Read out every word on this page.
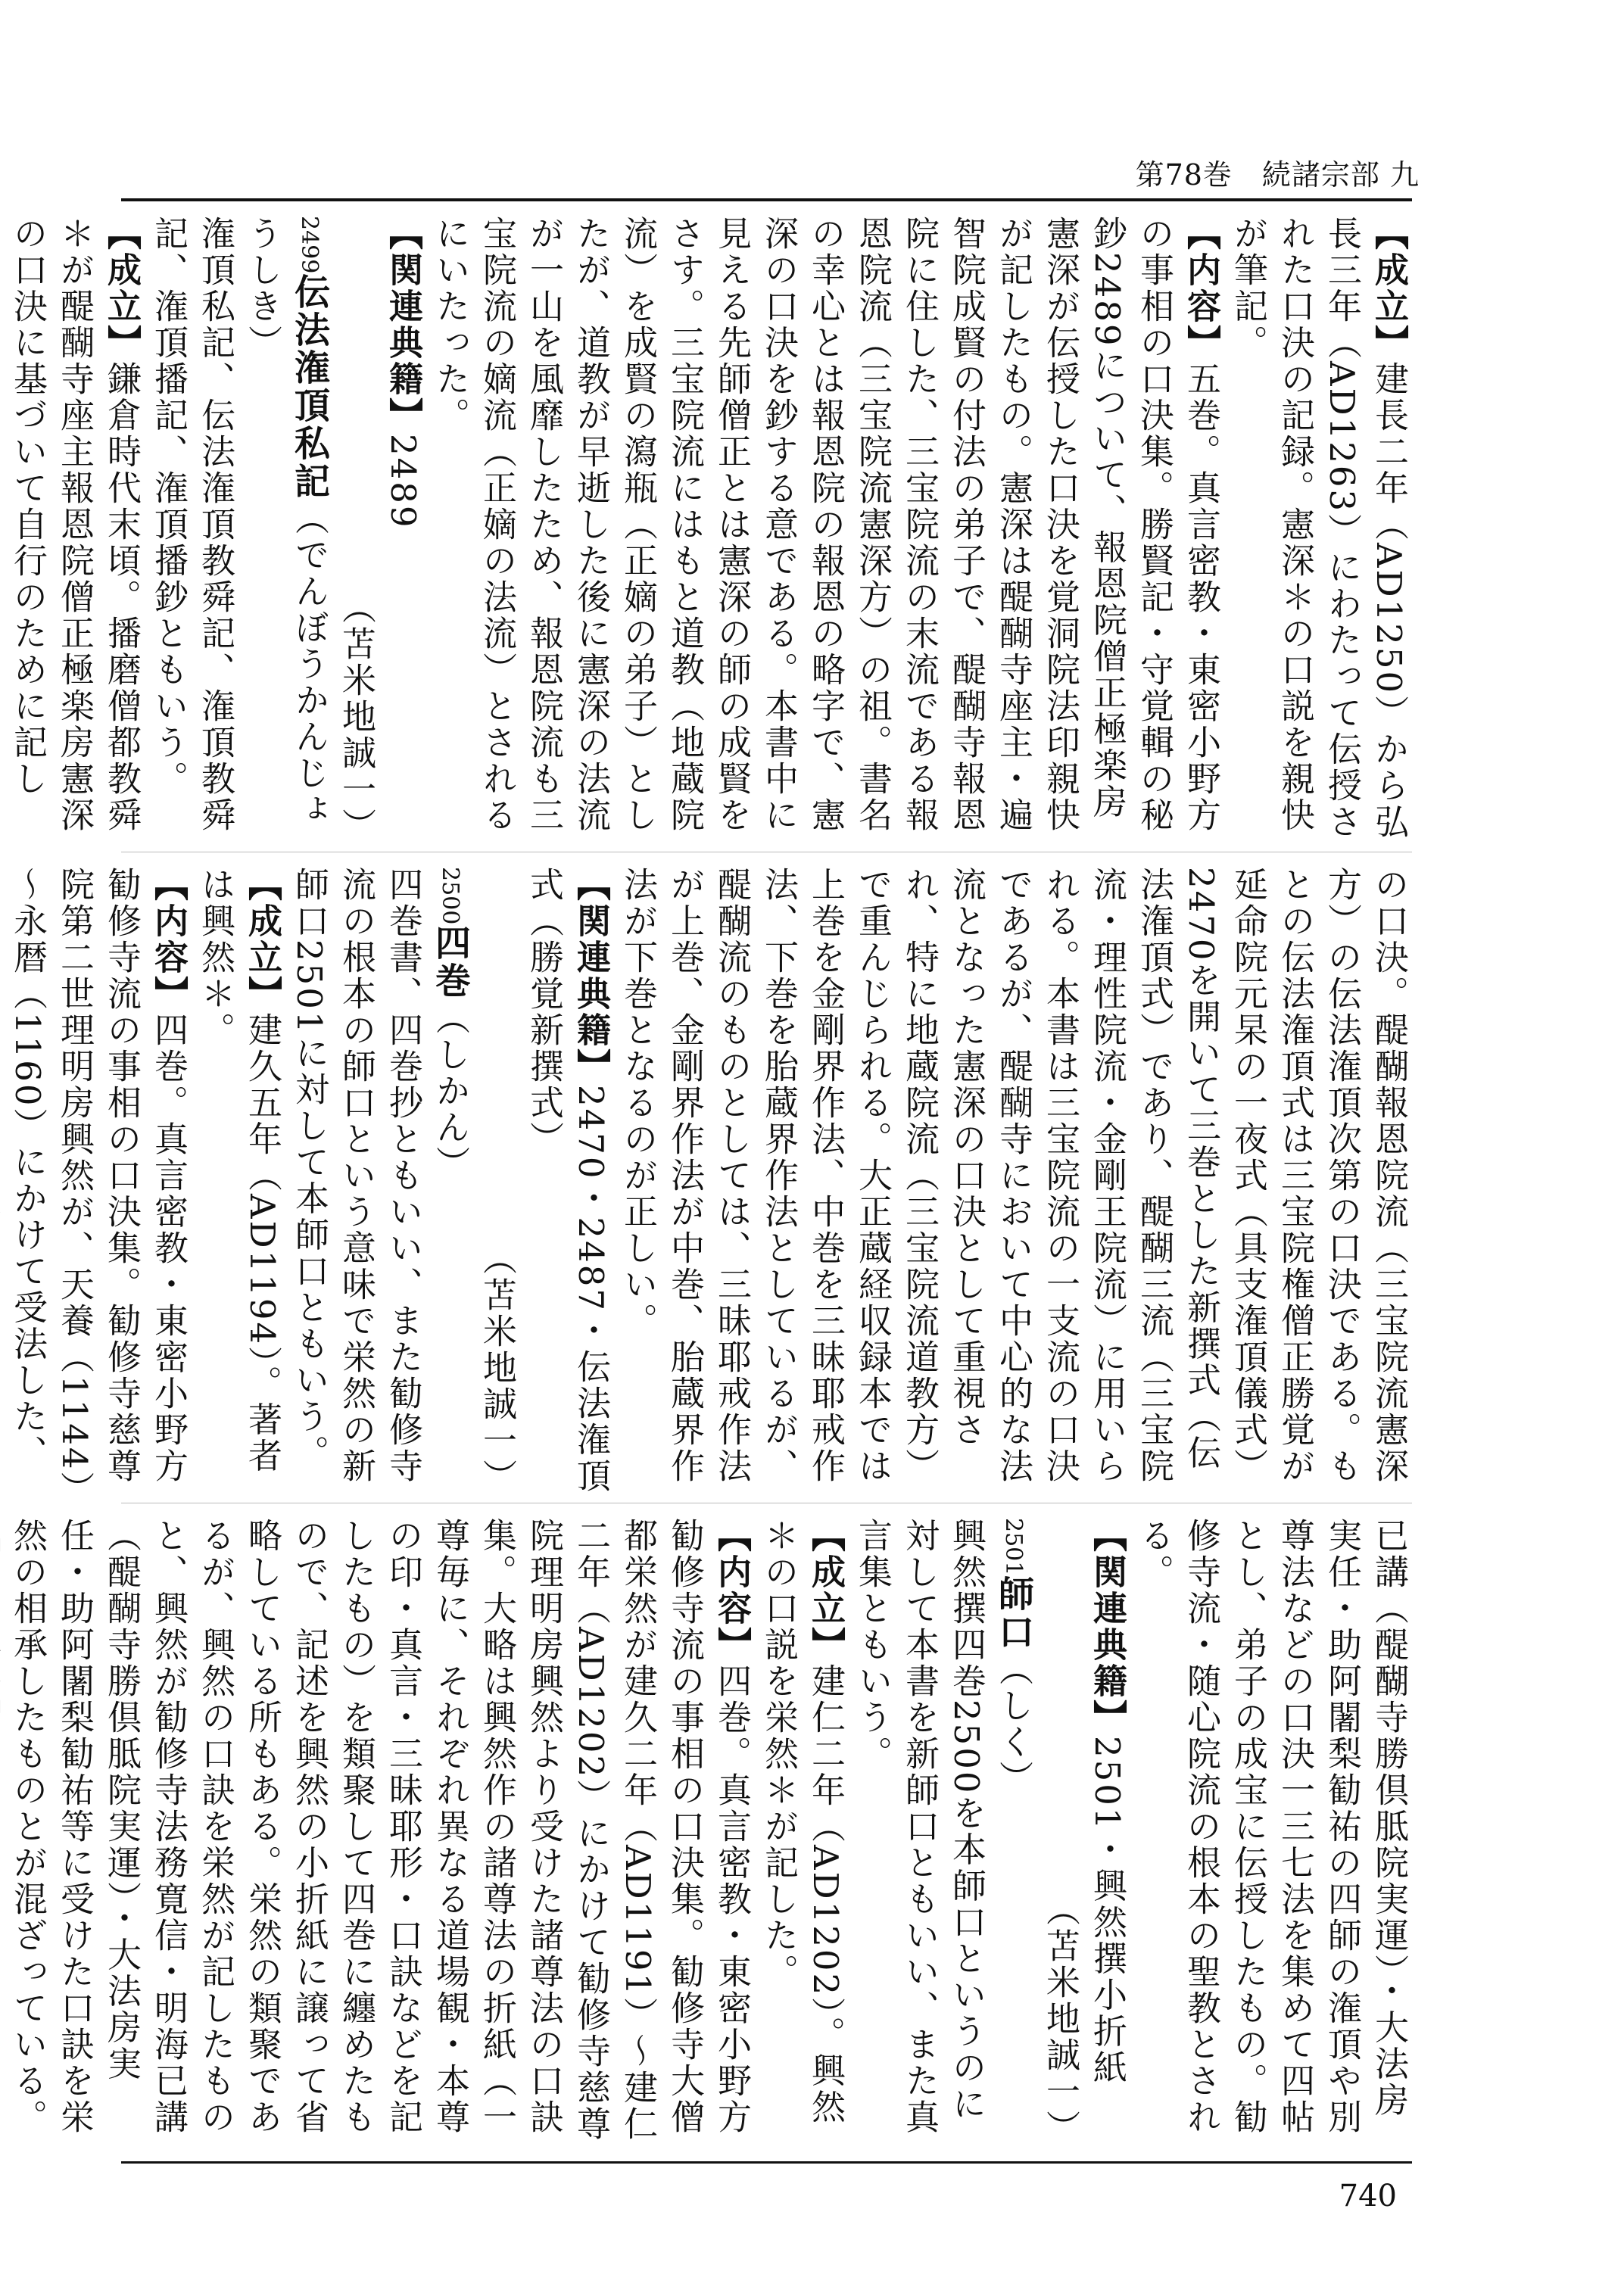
第78巻　続諸宗部 九
【成立】建長二年（AD1250）から弘長三年（AD1263）にわたって伝授された口決の記録。憲深＊の口説を親快が筆記。
【内容】五巻。真言密教・東密小野方の事相の口決集。勝賢記・守覚輯の秘鈔2489について、報恩院僧正極楽房憲深が伝授した口決を覚洞院法印親快が記したもの。憲深は醍醐寺座主・遍智院成賢の付法の弟子で、醍醐寺報恩院に住した、三宝院流の末流である報恩院流（三宝院流憲深方）の祖。書名の幸心とは報恩院の報恩の略字で、憲深の口決を鈔する意である。本書中に見える先師僧正とは憲深の師の成賢をさす。三宝院流にはもと道教（地蔵院流）を成賢の瀉瓶（正嫡の弟子）としたが、道教が早逝した後に憲深の法流が一山を風靡したため、報恩院流も三宝院流の嫡流（正嫡の法流）とされるにいたった。
【関連典籍】2489
（苫米地誠一）
2499伝法潅頂私記（でんぼうかんじょうしき）
潅頂私記、伝法潅頂教舜記、潅頂教舜記、潅頂播記、潅頂播鈔ともいう。
【成立】鎌倉時代末頃。播磨僧都教舜＊が醍醐寺座主報恩院僧正極楽房憲深の口決に基づいて自行のために記し
の口決。醍醐報恩院流（三宝院流憲深方）の伝法潅頂次第の口決である。もとの伝法潅頂式は三宝院権僧正勝覚が延命院元杲の一夜式（具支潅頂儀式）2470を開いて三巻とした新撰式（伝法潅頂式）であり、醍醐三流（三宝院流・理性院流・金剛王院流）に用いられる。本書は三宝院流の一支流の口決であるが、醍醐寺において中心的な法流となった憲深の口決として重視され、特に地蔵院流（三宝院流道教方）で重んじられる。大正蔵経収録本では上巻を金剛界作法、中巻を三昧耶戒作法、下巻を胎蔵界作法としているが、醍醐流のものとしては、三昧耶戒作法が上巻、金剛界作法が中巻、胎蔵界作法が下巻となるのが正しい。
【関連典籍】2470・2487・伝法潅頂式（勝覚新撰式）
（苫米地誠一）
2500四巻（しかん）
四巻書、四巻抄ともいい、また勧修寺流の根本の師口という意味で栄然の新師口2501に対して本師口ともいう。
【成立】建久五年（AD1194）。著者は興然＊。
【内容】四巻。真言密教・東密小野方勧修寺流の事相の口決集。勧修寺慈尊院第二世理明房興然が、天養（1144）～永暦（1160）にかけて受法した、
已講（醍醐寺勝倶胝院実運）・大法房実任・助阿闍梨勧祐の四師の潅頂や別尊法などの口決一三七法を集めて四帖とし、弟子の成宝に伝授したもの。勧修寺流・随心院流の根本の聖教とされる。
【関連典籍】2501・興然撰小折紙
（苫米地誠一）
2501師口（しく）
興然撰四巻2500を本師口というのに対して本書を新師口ともいい、また真言集ともいう。
【成立】建仁二年（AD1202）。興然＊の口説を栄然＊が記した。
【内容】四巻。真言密教・東密小野方勧修寺流の事相の口決集。勧修寺大僧都栄然が建久二年（AD1191）～建仁二年（AD1202）にかけて勧修寺慈尊院理明房興然より受けた諸尊法の口訣集。大略は興然作の諸尊法の折紙（一尊毎に、それぞれ異なる道場観・本尊の印・真言・三昧耶形・口訣などを記したもの）を類聚して四巻に纏めたもので、記述を興然の小折紙に譲って省略している所もある。栄然の類聚であるが、興然の口訣を栄然が記したものと、興然が勧修寺法務寛信・明海已講（醍醐寺勝倶胝院実運）・大法房実任・助阿闍梨勧祐等に受けた口訣を栄然の相承したものとが混ざっている。
740
